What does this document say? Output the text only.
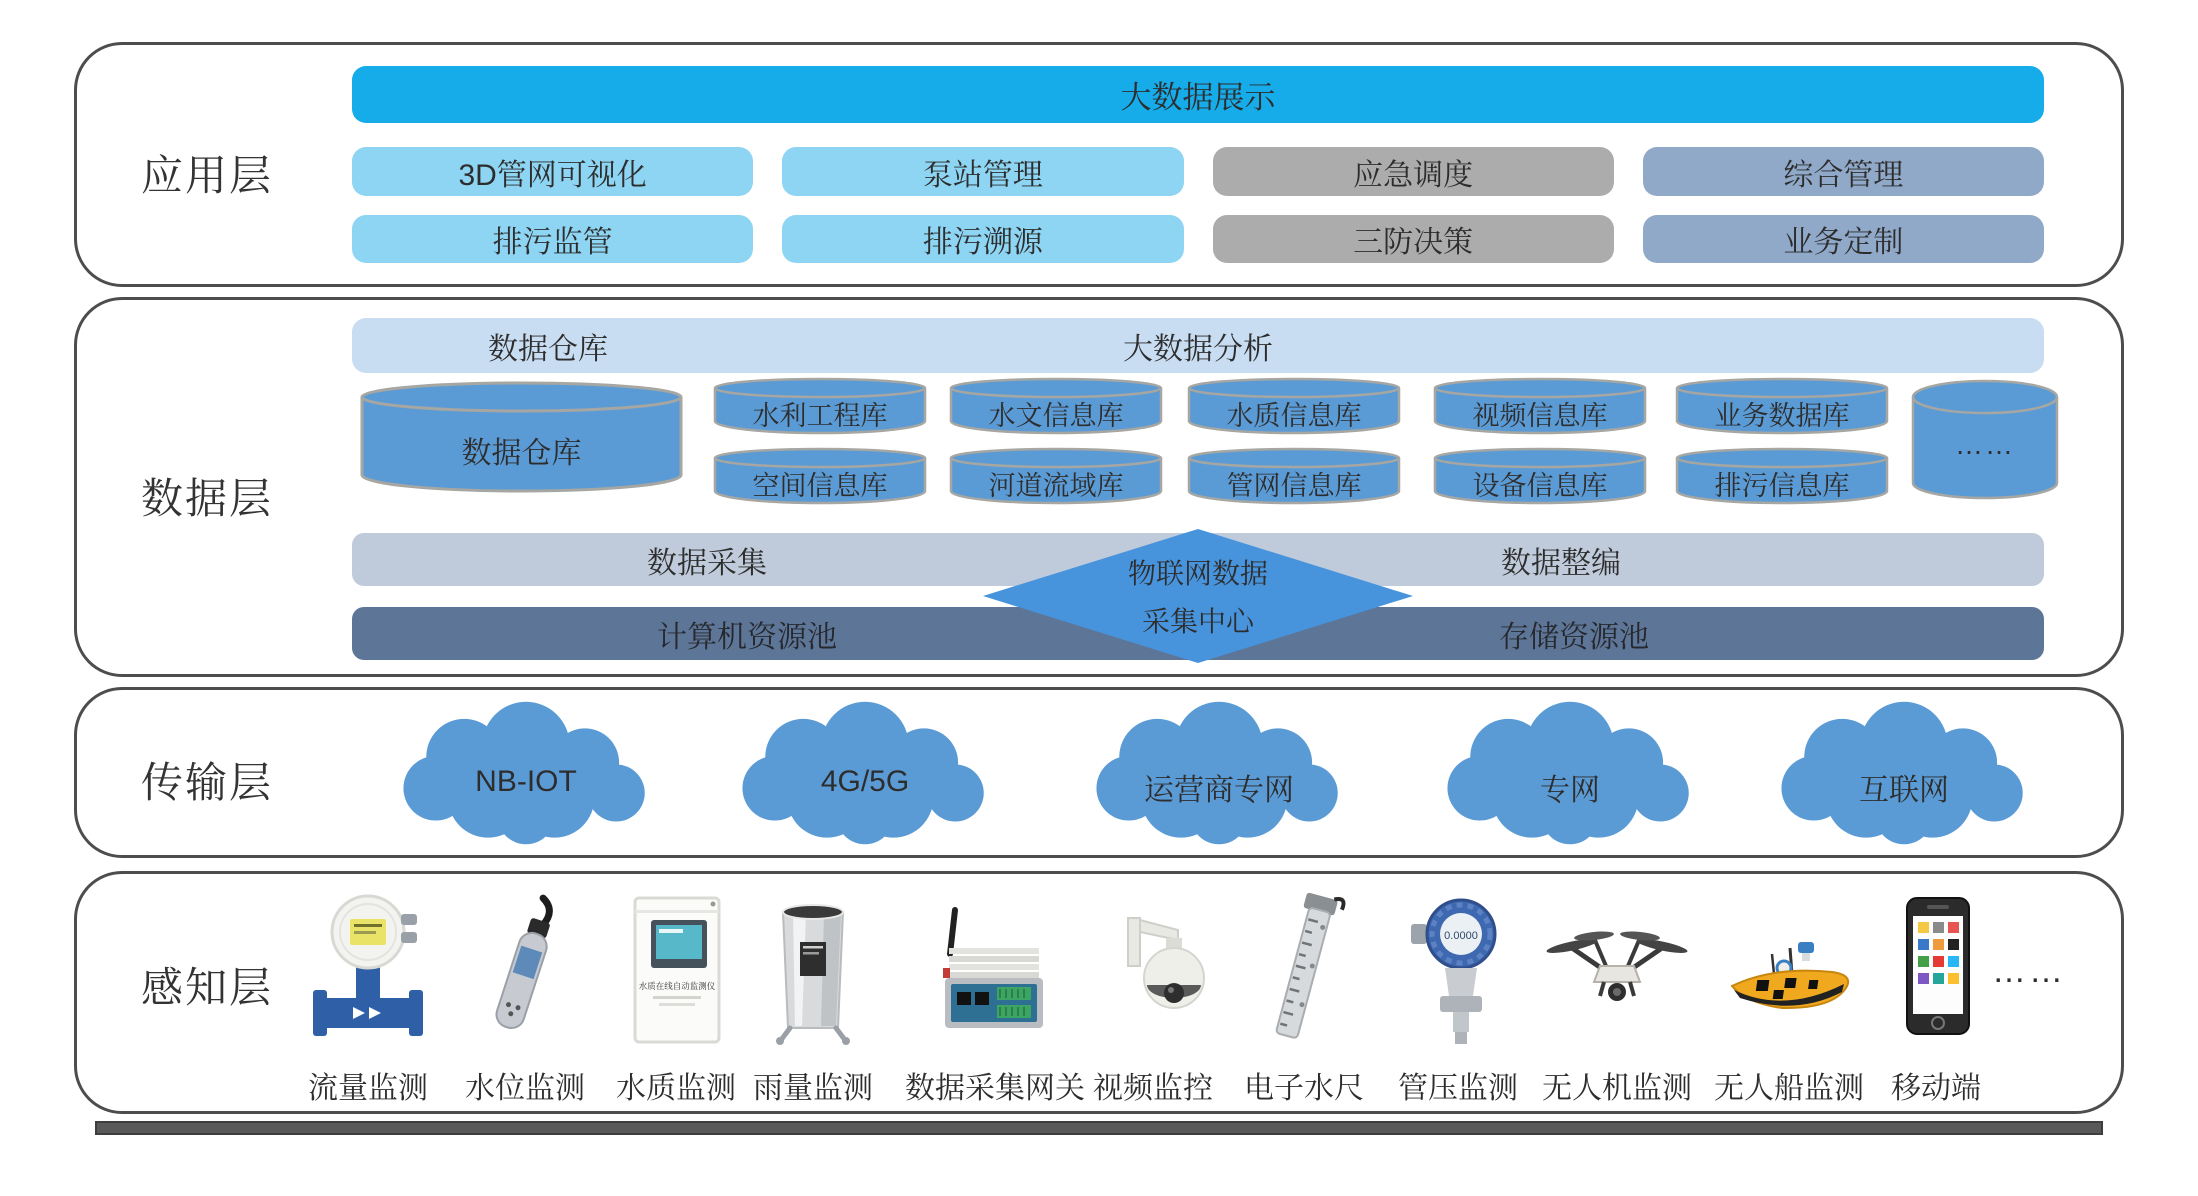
应用层
数据层
传输层
感知层
大数据展示
3D管网可视化	泵站管理	应急调度	综合管理
排污监管	排污溯源	三防决策	业务定制
数据仓库	大数据分析
数据仓库
水利工程库	水文信息库	水质信息库	视频信息库	业务数据库
空间信息库	河道流域库	管网信息库	设备信息库	排污信息库
……
数据采集	数据整编
计算机资源池	存储资源池
物联网数据
采集中心
NB-IOT	4G/5G	运营商专网	专网	互联网
流量监测	水位监测
水质在线自动监测仪
水质监测 雨量监测	数据采集网关 视频监控	电子水尺
0.0000
管压监测 无人机监测 无人船监测 移动端
……
